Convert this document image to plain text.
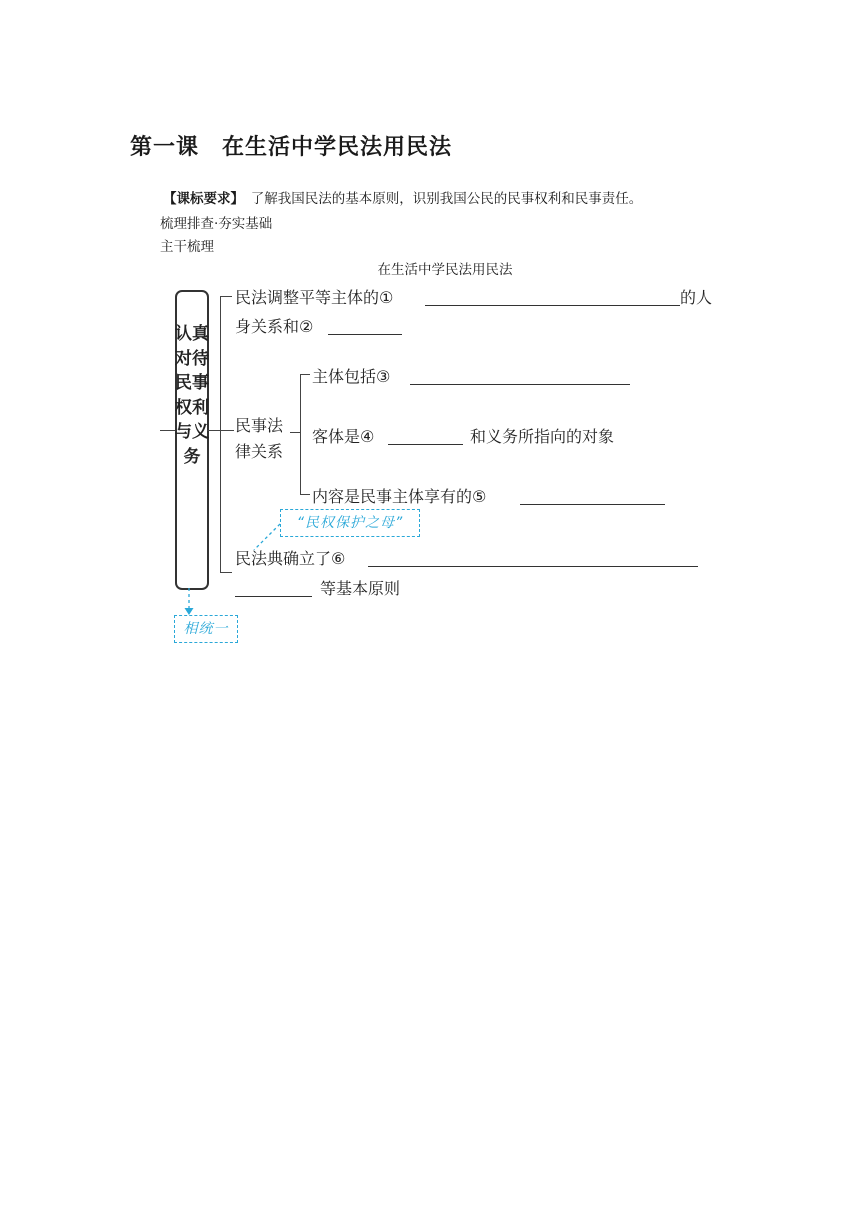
第一课　在生活中学民法用民法
【课标要求】　 了解我国民法的基本原则，识别我国公民的民事权利和民事责任。
梳理排查·夯实基础
主干梳理
在生活中学民法用民法
认真对待民事权利与义务
民法调整平等主体的①	的人
身关系和②
民事法
律关系
主体包括③
客体是④	和义务所指向的对象
内容是民事主体享有的⑤
“民权保护之母”
民法典确立了⑥
等基本原则
相统一
